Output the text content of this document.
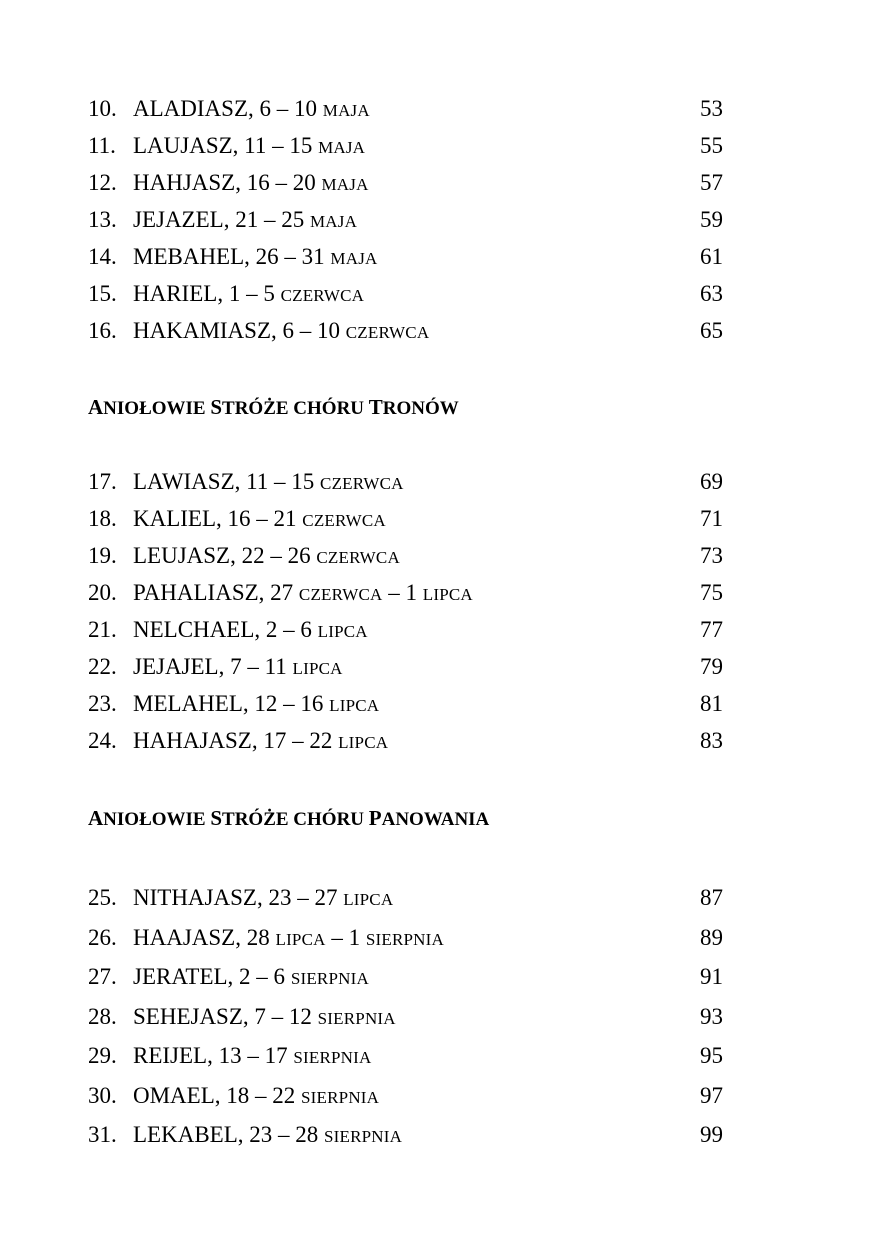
10. ALADIASZ, 6 – 10 MAJA	53
11. LAUJASZ, 11 – 15 MAJA	55
12. HAHJASZ, 16 – 20 MAJA	57
13. JEJAZEL, 21 – 25 MAJA	59
14. MEBAHEL, 26 – 31 MAJA	61
15. HARIEL, 1 – 5 CZERWCA	63
16. HAKAMIASZ, 6 – 10 CZERWCA	65
ANIOŁOWIE STRÓŻE CHÓRU TRONÓW
17. LAWIASZ, 11 – 15 CZERWCA	69
18. KALIEL, 16 – 21 CZERWCA	71
19. LEUJASZ, 22 – 26 CZERWCA	73
20. PAHALIASZ, 27 CZERWCA – 1 LIPCA	75
21. NELCHAEL, 2 – 6 LIPCA	77
22. JEJAJEL, 7 – 11 LIPCA	79
23. MELAHEL, 12 – 16 LIPCA	81
24. HAHAJASZ, 17 – 22 LIPCA	83
ANIOŁOWIE STRÓŻE CHÓRU PANOWANIA
25. NITHAJASZ, 23 – 27 LIPCA	87
26. HAAJASZ, 28 LIPCA – 1 SIERPNIA	89
27. JERATEL, 2 – 6 SIERPNIA	91
28. SEHEJASZ, 7 – 12 SIERPNIA	93
29. REIJEL, 13 – 17 SIERPNIA	95
30. OMAEL, 18 – 22 SIERPNIA	97
31. LEKABEL, 23 – 28 SIERPNIA	99
